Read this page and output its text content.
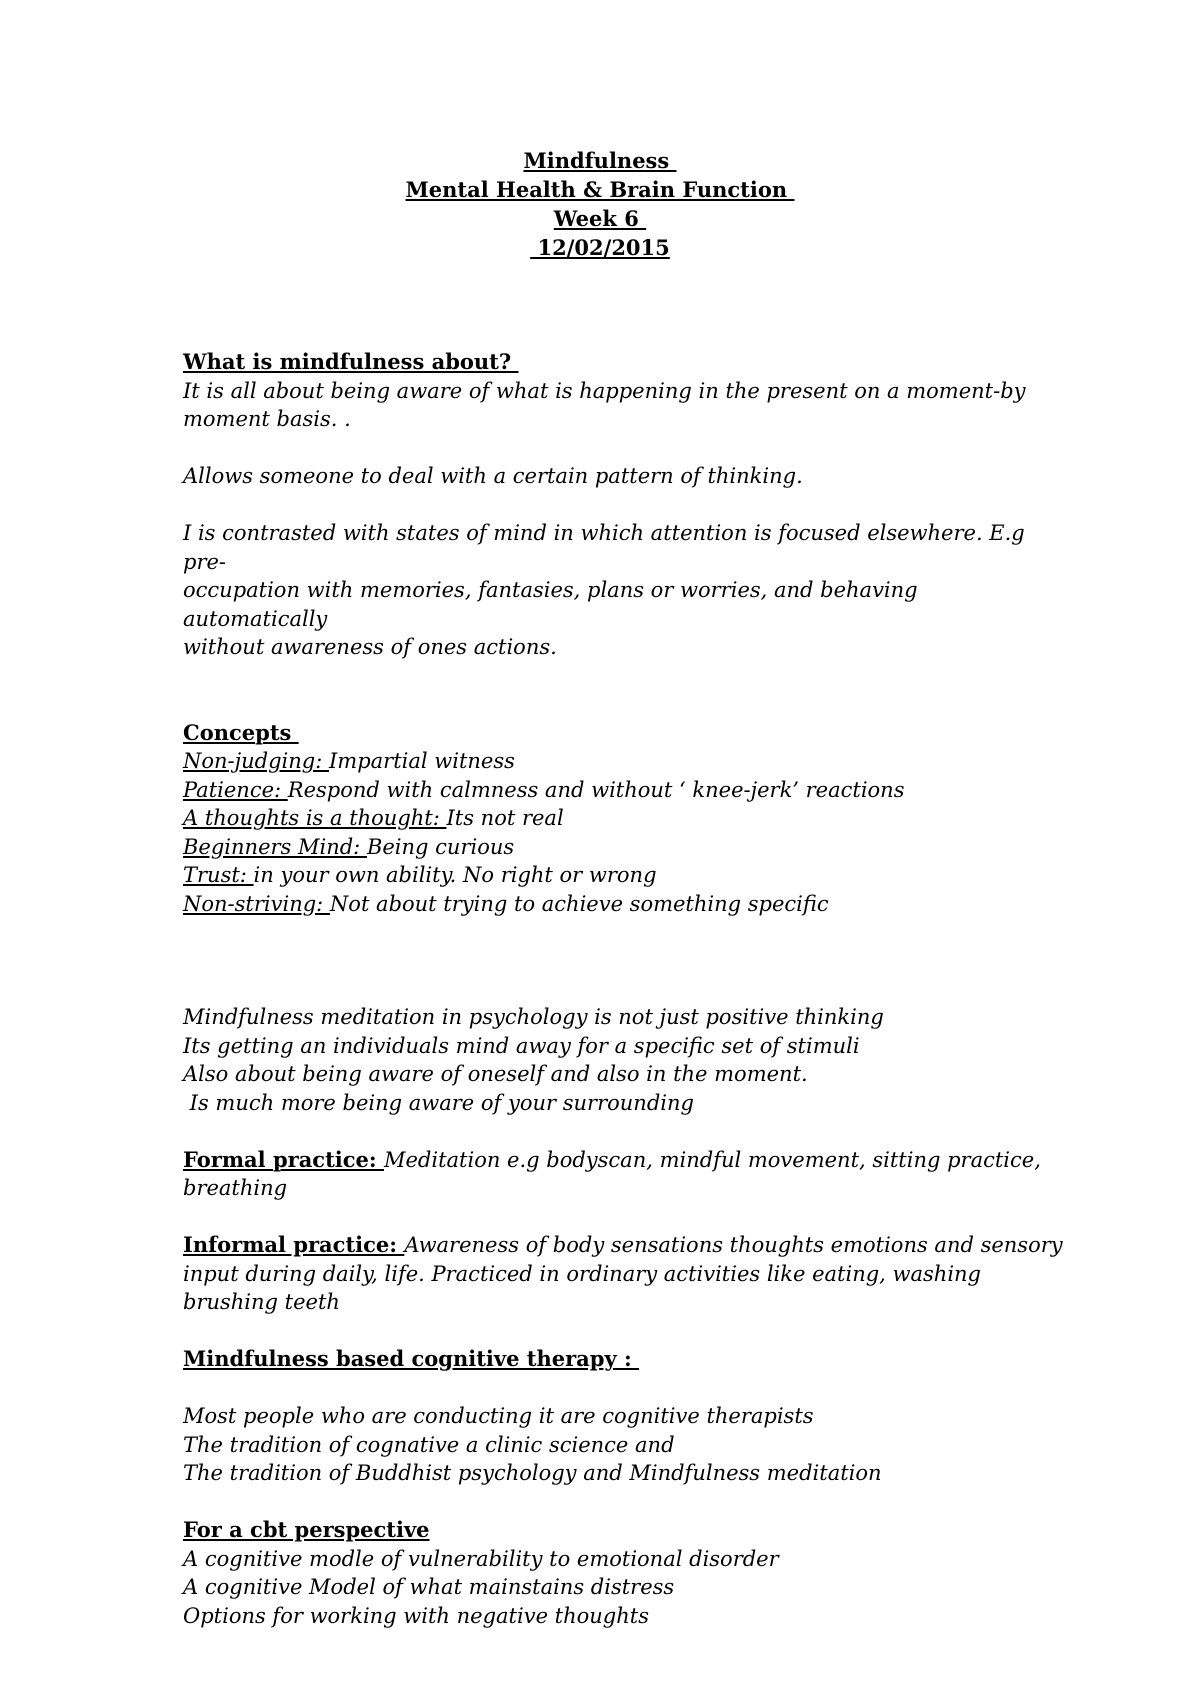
Mindfulness
Mental Health & Brain Function
Week 6
12/02/2015
What is mindfulness about?
It is all about being aware of what is happening in the present on a moment-by
moment basis. .
Allows someone to deal with a certain pattern of thinking.
I is contrasted with states of mind in which attention is focused elsewhere. E.g pre-
occupation with memories, fantasies, plans or worries, and behaving automatically
without awareness of ones actions.
Concepts
Non-judging: Impartial witness
Patience: Respond with calmness and without ‘ knee-jerk’ reactions
A thoughts is a thought: Its not real
Beginners Mind: Being curious
Trust: in your own ability. No right or wrong
Non-striving: Not about trying to achieve something specific
Mindfulness meditation in psychology is not just positive thinking
Its getting an individuals mind away for a specific set of stimuli
Also about being aware of oneself and also in the moment.
Is much more being aware of your surrounding
Formal practice: Meditation e.g bodyscan, mindful movement, sitting practice,
breathing
Informal practice: Awareness of body sensations thoughts emotions and sensory
input during daily, life. Practiced in ordinary activities like eating, washing
brushing teeth
Mindfulness based cognitive therapy :
Most people who are conducting it are cognitive therapists
The tradition of cognative a clinic science and
The tradition of Buddhist psychology and Mindfulness meditation
For a cbt perspective
A cognitive modle of vulnerability to emotional disorder
A cognitive Model of what mainstains distress
Options for working with negative thoughts
